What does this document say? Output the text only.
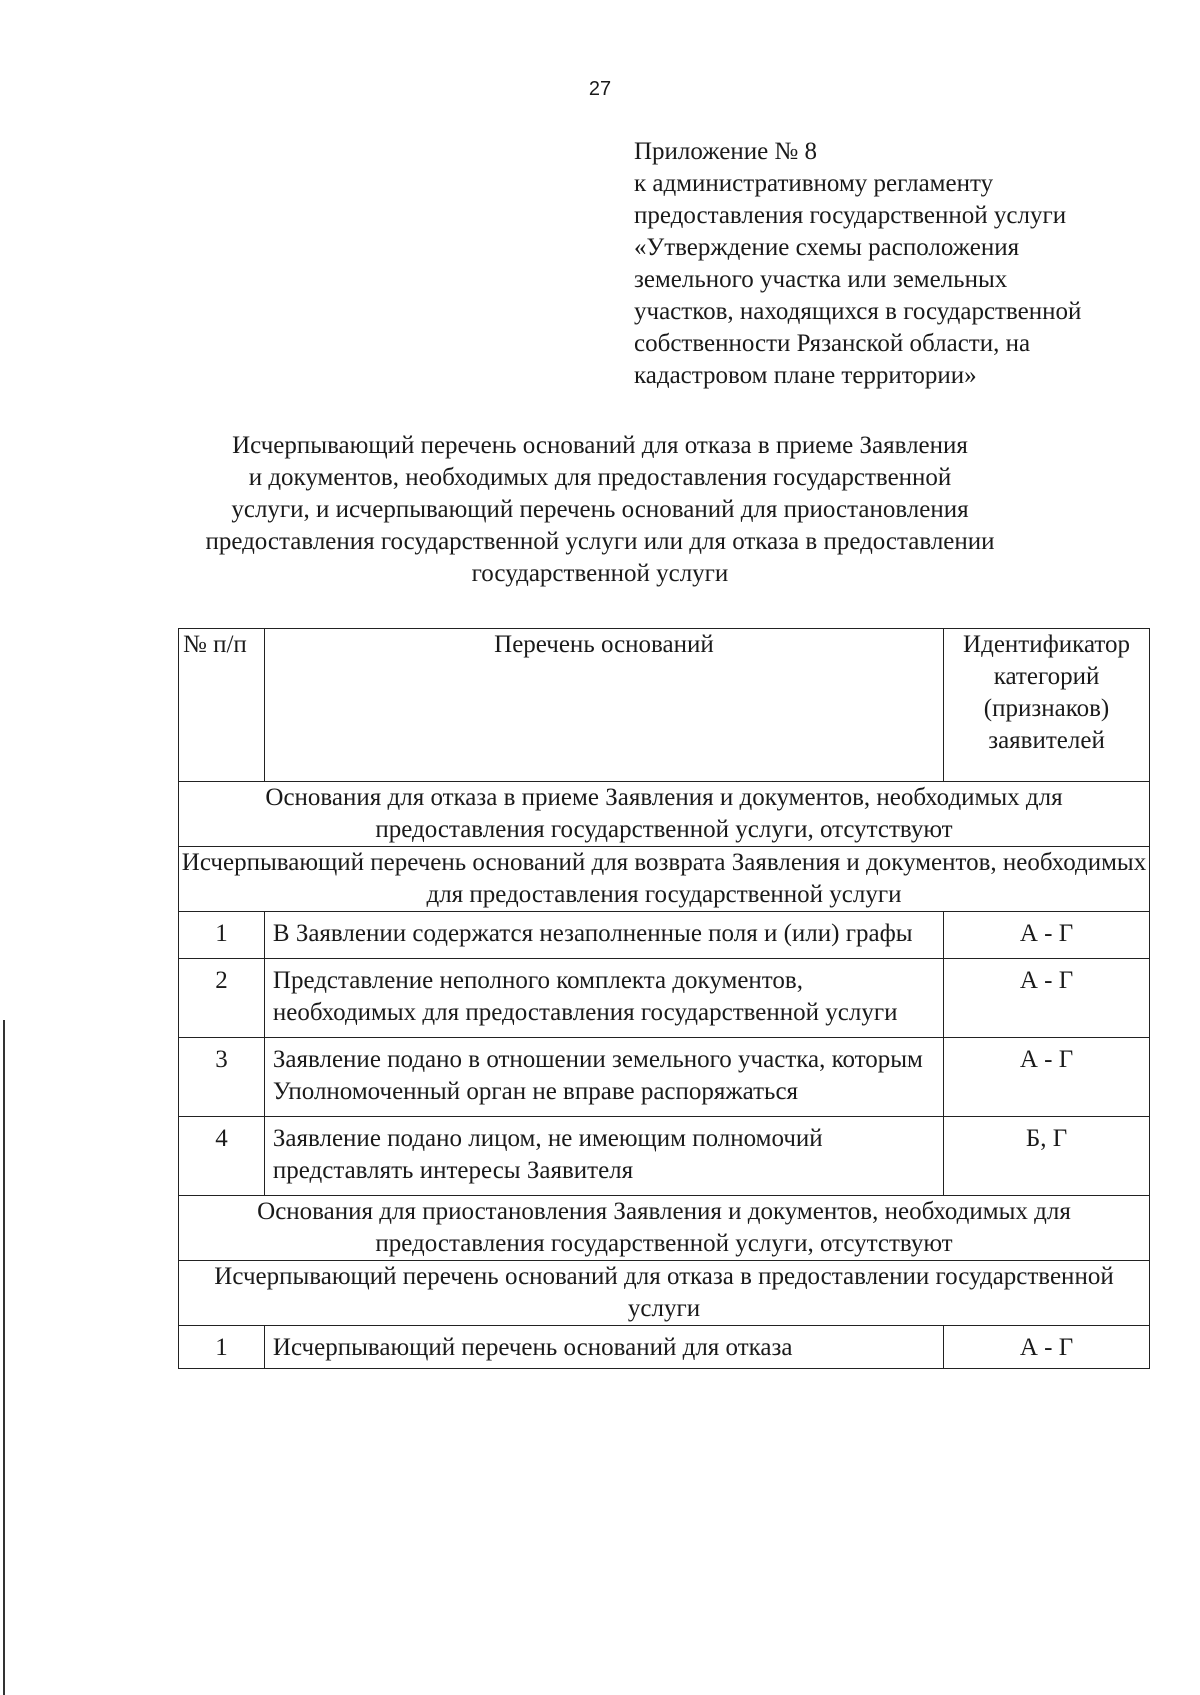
27
Приложение № 8
к административному регламенту
предоставления государственной услуги
«Утверждение схемы расположения
земельного участка или земельных
участков, находящихся в государственной
собственности Рязанской области, на
кадастровом плане территории»
Исчерпывающий перечень оснований для отказа в приеме Заявления
и документов, необходимых для предоставления государственной
услуги, и исчерпывающий перечень оснований для приостановления
предоставления государственной услуги или для отказа в предоставлении
государственной услуги
№ п/п	Перечень оснований	Идентификатор категорий (признаков) заявителей
Основания для отказа в приеме Заявления и документов, необходимых для предоставления государственной услуги, отсутствуют		
Исчерпывающий перечень оснований для возврата Заявления и документов, необходимых для предоставления государственной услуги		
1	В Заявлении содержатся незаполненные поля и (или) графы	А - Г
2	Представление неполного комплекта документов, необходимых для предоставления государственной услуги	А - Г
3	Заявление подано в отношении земельного участка, которым Уполномоченный орган не вправе распоряжаться	А - Г
4	Заявление подано лицом, не имеющим полномочий представлять интересы Заявителя	Б, Г
Основания для приостановления Заявления и документов, необходимых для предоставления государственной услуги, отсутствуют		
Исчерпывающий перечень оснований для отказа в предоставлении государственной услуги		
1	Исчерпывающий перечень оснований для отказа	А - Г
